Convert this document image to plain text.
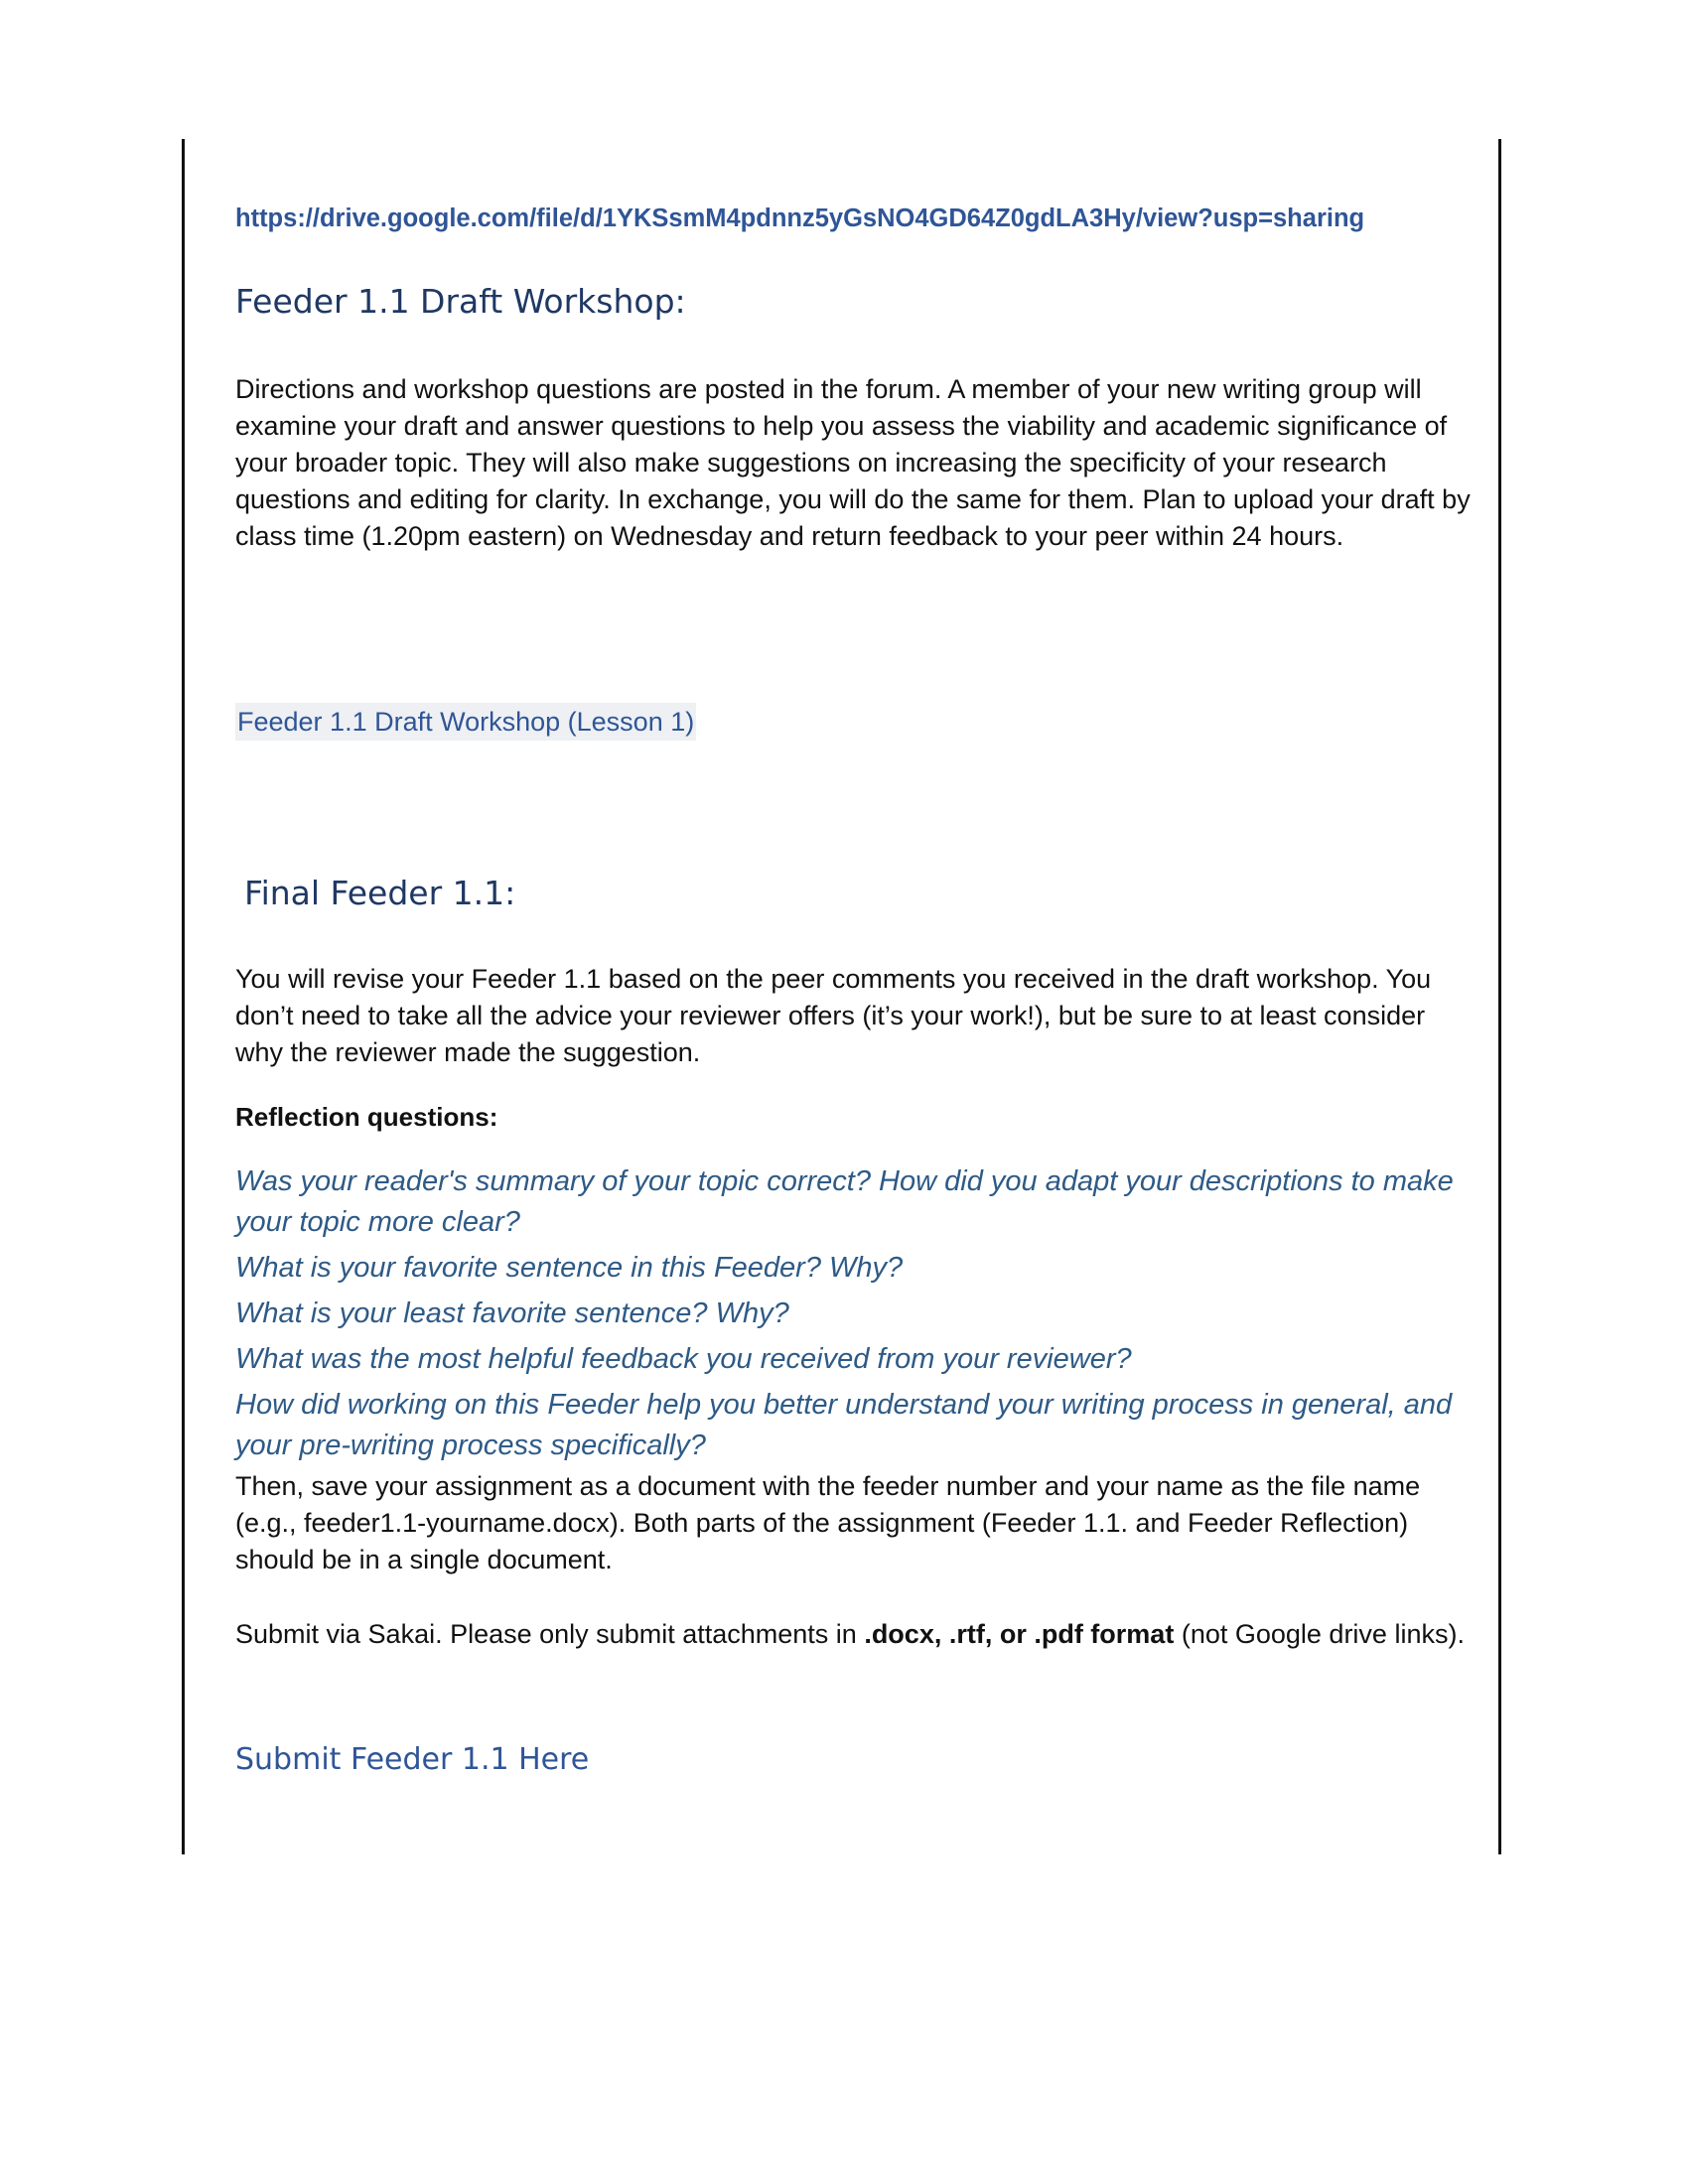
https://drive.google.com/file/d/1YKSsmM4pdnnz5yGsNO4GD64Z0gdLA3Hy/view?usp=sharing
Feeder 1.1 Draft Workshop:

Directions and workshop questions are posted in the forum. A member of your new writing group will examine your draft and answer questions to help you assess the viability and academic significance of your broader topic. They will also make suggestions on increasing the specificity of your research questions and editing for clarity. In exchange, you will do the same for them. Plan to upload your draft by class time (1.20pm eastern) on Wednesday and return feedback to your peer within 24 hours.

Feeder 1.1 Draft Workshop (Lesson 1)
Final Feeder 1.1:

You will revise your Feeder 1.1 based on the peer comments you received in the draft workshop. You don’t need to take all the advice your reviewer offers (it’s your work!), but be sure to at least consider why the reviewer made the suggestion.

Reflection questions:

Was your reader's summary of your topic correct? How did you adapt your descriptions to make your topic more clear?
What is your favorite sentence in this Feeder? Why?
What is your least favorite sentence? Why?
What was the most helpful feedback you received from your reviewer?
How did working on this Feeder help you better understand your writing process in general, and your pre-writing process specifically?

Then, save your assignment as a document with the feeder number and your name as the file name (e.g., feeder1.1-yourname.docx). Both parts of the assignment (Feeder 1.1. and Feeder Reflection) should be in a single document.

Submit via Sakai. Please only submit attachments in .docx, .rtf, or .pdf format (not Google drive links).

Submit Feeder 1.1 Here
